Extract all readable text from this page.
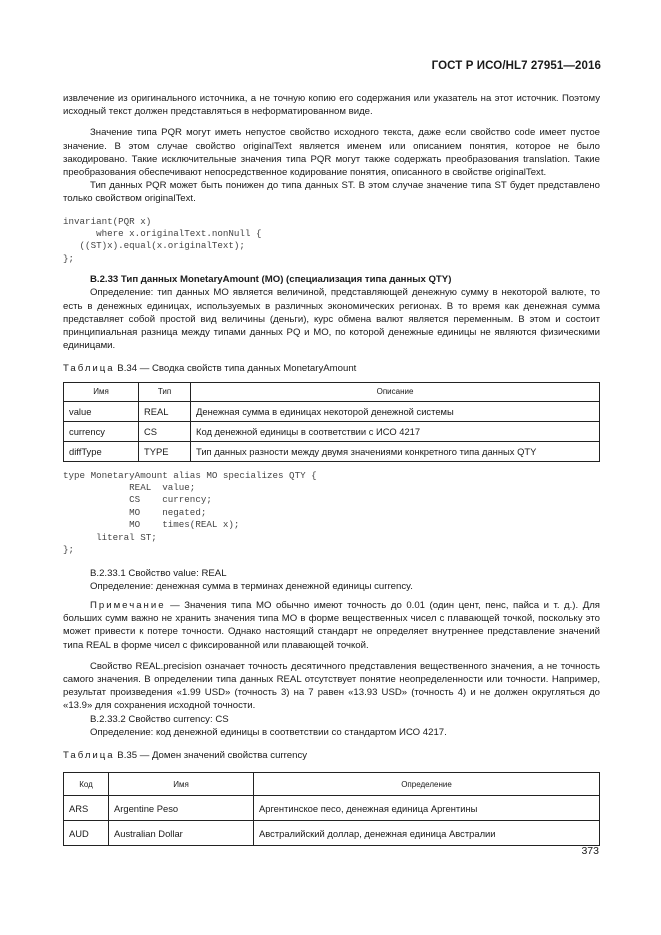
ГОСТ Р ИСО/HL7 27951—2016

извлечение из оригинального источника, а не точную копию его содержания или указатель на этот источник. Поэтому исходный текст должен представляться в неформатированном виде.

Значение типа PQR могут иметь непустое свойство исходного текста, даже если свойство code имеет пустое значение. В этом случае свойство originalText является именем или описанием понятия, которое не было закодировано. Такие исключительные значения типа PQR могут также содержать преобразования translation. Такие преобразования обеспечивают непосредственное кодирование понятия, описанного в свойстве originalText.

Тип данных PQR может быть понижен до типа данных ST. В этом случае значение типа ST будет представлено только свойством originalText.

invariant(PQR x)
where x.originalText.nonNull {
((ST)x).equal(x.originalText);
};
В.2.33 Тип данных MonetaryAmount (МО) (специализация типа данных QTY)

Определение: тип данных МО является величиной, представляющей денежную сумму в некоторой валюте, то есть в денежных единицах, используемых в различных экономических регионах. В то время как денежная сумма представляет собой простой вид величины (деньги), курс обмена валют является переменным. В этом и состоит принципиальная разница между типами данных PQ и МО, по которой денежные единицы не являются физическими единицами.

Таблица В.34 — Сводка свойств типа данных MonetaryAmount
Имя	Тип	Описание
value	REAL	Денежная сумма в единицах некоторой денежной системы
currency	CS	Код денежной единицы в соответствии с ИСО 4217
diffType	TYPE	Тип данных разности между двумя значениями конкретного типа данных QTY
type MonetaryAmount alias MO specializes QTY {
REAL  value;
CS    currency;
MO    negated;
MO    times(REAL x);
literal ST;
};

В.2.33.1 Свойство value: REAL

Определение: денежная сумма в терминах денежной единицы currency.

Примечание — Значения типа МО обычно имеют точность до 0.01 (один цент, пенс, пайса и т. д.). Для больших сумм важно не хранить значения типа МО в форме вещественных чисел с плавающей точкой, поскольку это может привести к потере точности. Однако настоящий стандарт не определяет внутреннее представление значений типа REAL в форме чисел с фиксированной или плавающей точкой.

Свойство REAL.precision означает точность десятичного представления вещественного значения, а не точность самого значения. В определении типа данных REAL отсутствует понятие неопределенности или точности. Например, результат произведения «1.99 USD» (точность 3) на 7 равен «13.93 USD» (точность 4) и не должен округляться до «13.9» для сохранения исходной точности.

В.2.33.2 Свойство currency: CS

Определение: код денежной единицы в соответствии со стандартом ИСО 4217.

Таблица В.35 — Домен значений свойства currency
Код	Имя	Определение
ARS	Argentine Peso	Аргентинское песо, денежная единица Аргентины
AUD	Australian Dollar	Австралийский доллар, денежная единица Австралии
373
